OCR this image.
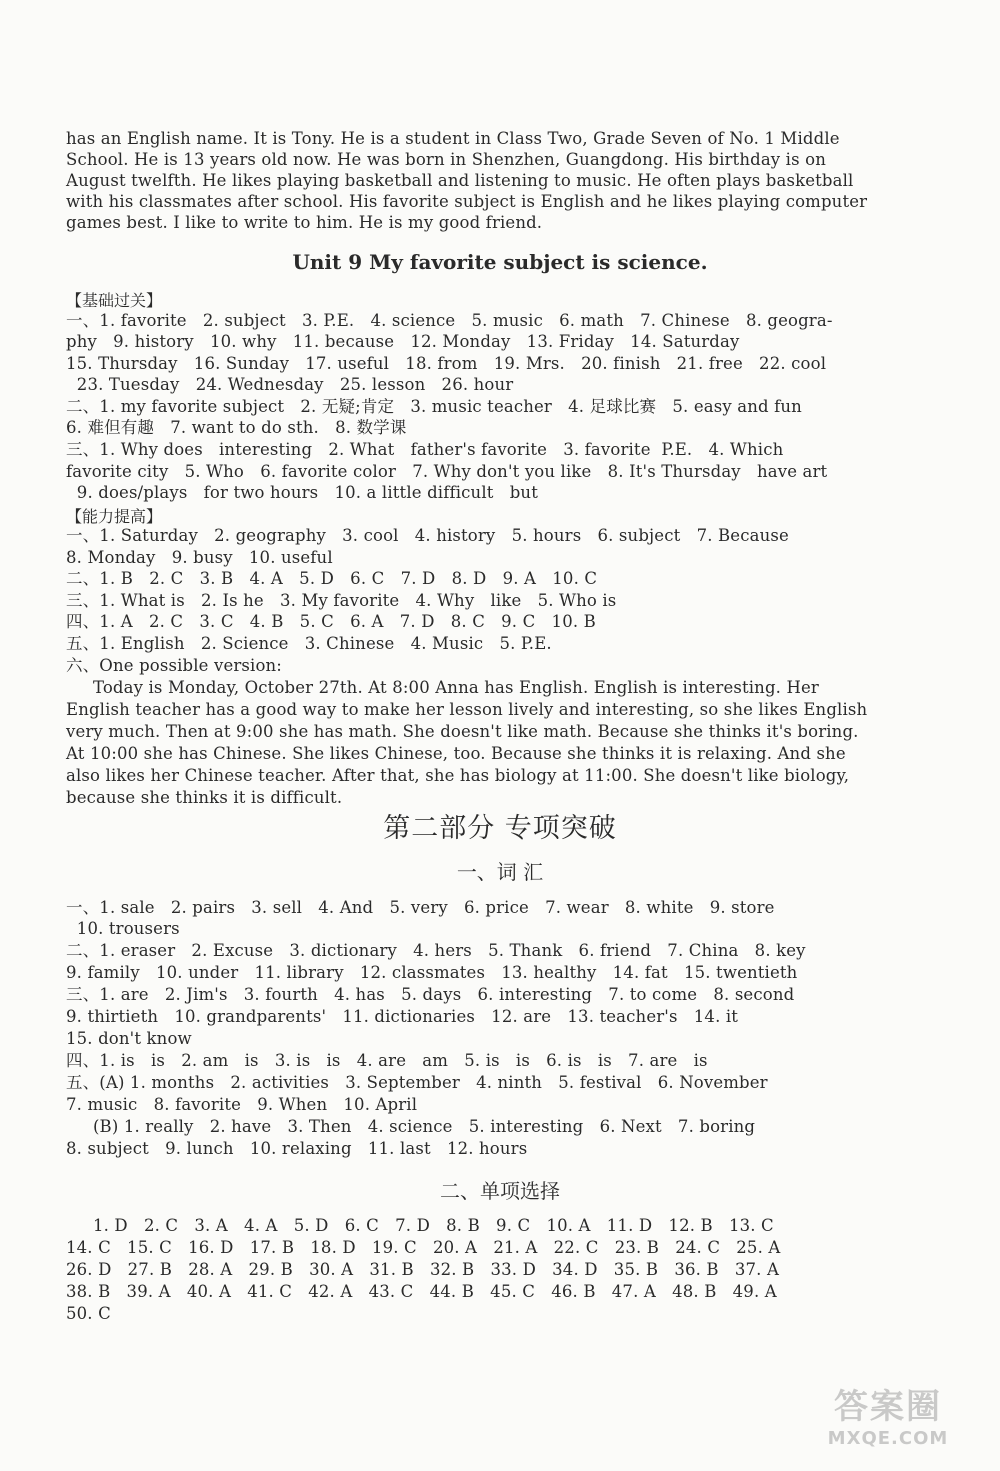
has an English name. It is Tony. He is a student in Class Two, Grade Seven of No. 1 Middle
School. He is 13 years old now. He was born in Shenzhen, Guangdong. His birthday is on
August twelfth. He likes playing basketball and listening to music. He often plays basketball
with his classmates after school. His favorite subject is English and he likes playing computer
games best. I like to write to him. He is my good friend.
Unit 9 My favorite subject is science.
【基础过关】
一、1. favorite   2. subject   3. P.E.   4. science   5. music   6. math   7. Chinese   8. geogra-
phy   9. history   10. why   11. because   12. Monday   13. Friday   14. Saturday
15. Thursday   16. Sunday   17. useful   18. from   19. Mrs.   20. finish   21. free   22. cool
23. Tuesday   24. Wednesday   25. lesson   26. hour
二、1. my favorite subject   2. 无疑;肯定   3. music teacher   4. 足球比赛   5. easy and fun
6. 难但有趣   7. want to do sth.   8. 数学课
三、1. Why does   interesting   2. What   father's favorite   3. favorite  P.E.   4. Which
favorite city   5. Who   6. favorite color   7. Why don't you like   8. It's Thursday   have art
9. does/plays   for two hours   10. a little difficult   but
【能力提高】
一、1. Saturday   2. geography   3. cool   4. history   5. hours   6. subject   7. Because
8. Monday   9. busy   10. useful
二、1. B   2. C   3. B   4. A   5. D   6. C   7. D   8. D   9. A   10. C
三、1. What is   2. Is he   3. My favorite   4. Why   like   5. Who is
四、1. A   2. C   3. C   4. B   5. C   6. A   7. D   8. C   9. C   10. B
五、1. English   2. Science   3. Chinese   4. Music   5. P.E.
六、One possible version:
Today is Monday, October 27th. At 8:00 Anna has English. English is interesting. Her
English teacher has a good way to make her lesson lively and interesting, so she likes English
very much. Then at 9:00 she has math. She doesn't like math. Because she thinks it's boring.
At 10:00 she has Chinese. She likes Chinese, too. Because she thinks it is relaxing. And she
also likes her Chinese teacher. After that, she has biology at 11:00. She doesn't like biology,
because she thinks it is difficult.
第二部分 专项突破
一、词 汇
一、1. sale   2. pairs   3. sell   4. And   5. very   6. price   7. wear   8. white   9. store
10. trousers
二、1. eraser   2. Excuse   3. dictionary   4. hers   5. Thank   6. friend   7. China   8. key
9. family   10. under   11. library   12. classmates   13. healthy   14. fat   15. twentieth
三、1. are   2. Jim's   3. fourth   4. has   5. days   6. interesting   7. to come   8. second
9. thirtieth   10. grandparents'   11. dictionaries   12. are   13. teacher's   14. it
15. don't know
四、1. is   is   2. am   is   3. is   is   4. are   am   5. is   is   6. is   is   7. are   is
五、(A) 1. months   2. activities   3. September   4. ninth   5. festival   6. November
7. music   8. favorite   9. When   10. April
(B) 1. really   2. have   3. Then   4. science   5. interesting   6. Next   7. boring
8. subject   9. lunch   10. relaxing   11. last   12. hours
二、单项选择
1. D   2. C   3. A   4. A   5. D   6. C   7. D   8. B   9. C   10. A   11. D   12. B   13. C
14. C   15. C   16. D   17. B   18. D   19. C   20. A   21. A   22. C   23. B   24. C   25. A
26. D   27. B   28. A   29. B   30. A   31. B   32. B   33. D   34. D   35. B   36. B   37. A
38. B   39. A   40. A   41. C   42. A   43. C   44. B   45. C   46. B   47. A   48. B   49. A
50. C
答案圈
MXQE.COM
